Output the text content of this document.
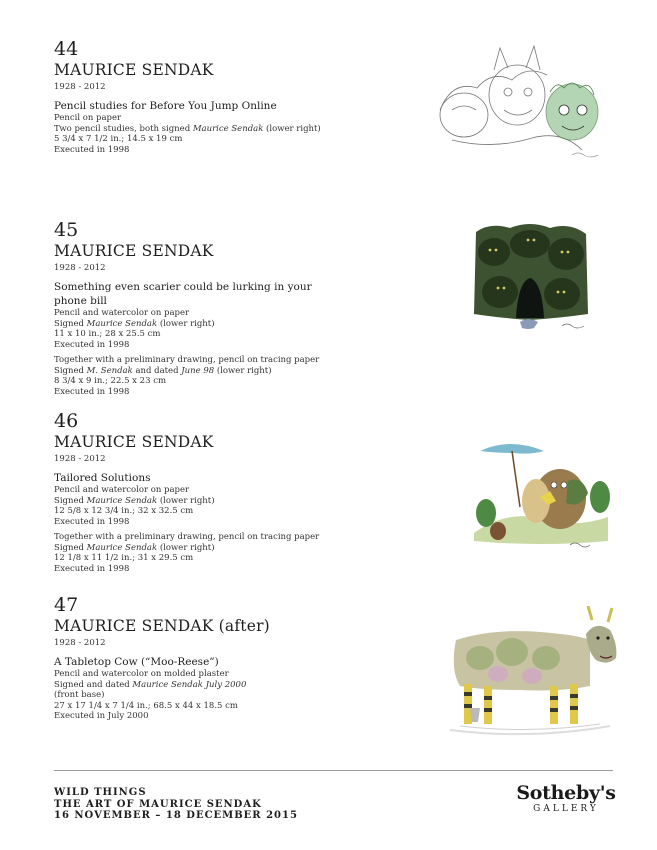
44
MAURICE SENDAK
1928 - 2012
Pencil studies for Before You Jump Online
Pencil on paper
Two pencil studies, both signed Maurice Sendak (lower right)
5 3/4 x 7 1/2 in.; 14.5 x 19 cm
Executed in 1998
45
MAURICE SENDAK
1928 - 2012
Something even scarier could be lurking in your
phone bill
Pencil and watercolor on paper
Signed Maurice Sendak (lower right)
11 x 10 in.; 28 x 25.5 cm
Executed in 1998
Together with a preliminary drawing, pencil on tracing paper
Signed M. Sendak and dated June 98 (lower right)
8 3/4 x 9 in.; 22.5 x 23 cm
Executed in 1998
46
MAURICE SENDAK
1928 - 2012
Tailored Solutions
Pencil and watercolor on paper
Signed Maurice Sendak (lower right)
12 5/8 x 12 3/4 in.; 32 x 32.5 cm
Executed in 1998
Together with a preliminary drawing, pencil on tracing paper
Signed Maurice Sendak (lower right)
12 1/8 x 11 1/2 in.; 31 x 29.5 cm
Executed in 1998
47
MAURICE SENDAK (after)
1928 - 2012
A Tabletop Cow (“Moo-Reese”)
Pencil and watercolor on molded plaster
Signed and dated Maurice Sendak July 2000
(front base)
27 x 17 1/4 x 7 1/4 in.; 68.5 x 44 x 18.5 cm
Executed in July 2000
WILD THINGS
THE ART OF MAURICE SENDAK
16 NOVEMBER – 18 DECEMBER 2015
Sotheby's
GALLERY
